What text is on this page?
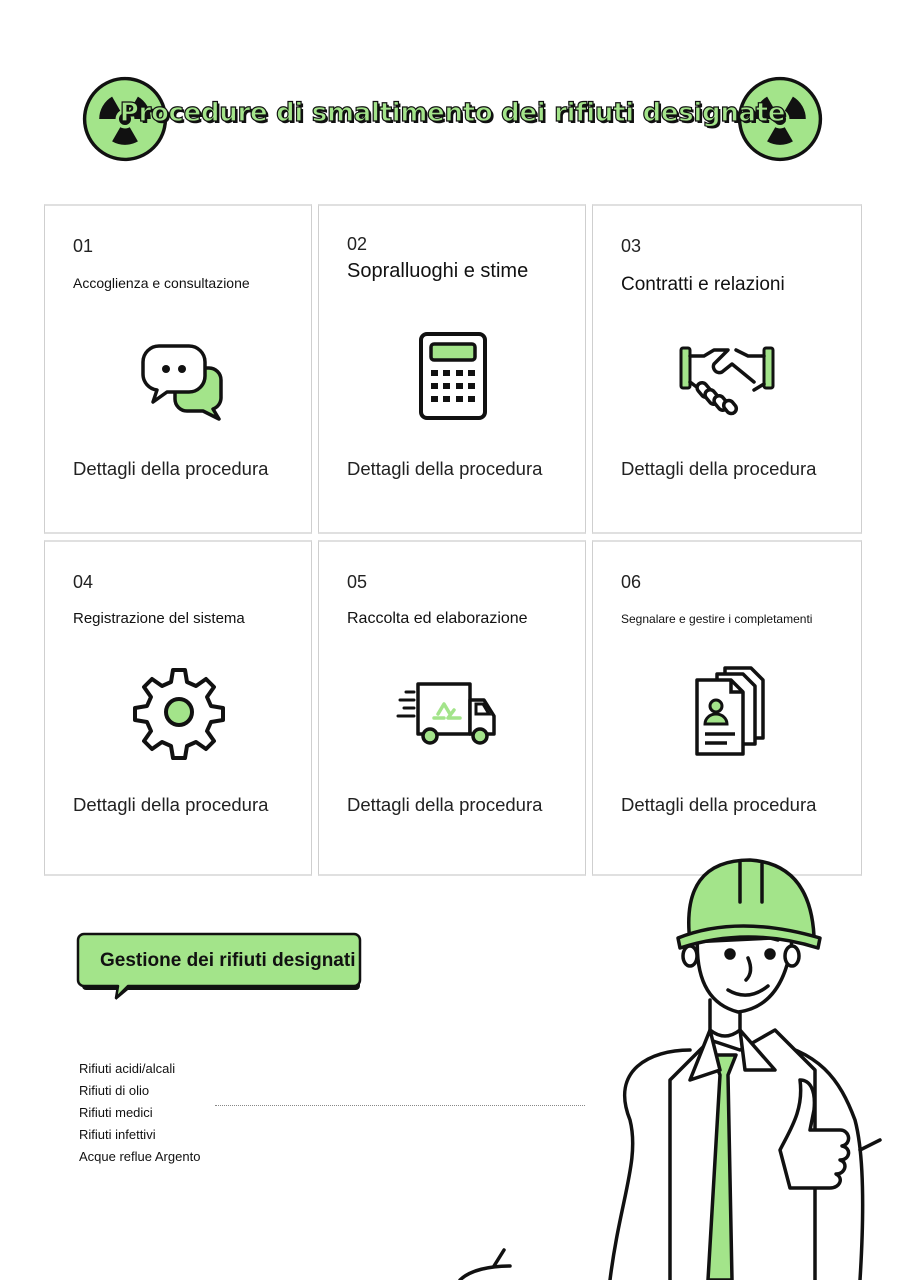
Procedure di smaltimento dei rifiuti designate
01
Accoglienza e consultazione
Dettagli della procedura
02
Sopralluoghi e stime
Dettagli della procedura
03
Contratti e relazioni
Dettagli della procedura
04
Registrazione del sistema
Dettagli della procedura
05
Raccolta ed elaborazione
Dettagli della procedura
06
Segnalare e gestire i completamenti
Dettagli della procedura
Gestione dei rifiuti designati
Rifiuti acidi/alcali
Rifiuti di olio
Rifiuti medici
Rifiuti infettivi
Acque reflue Argento
